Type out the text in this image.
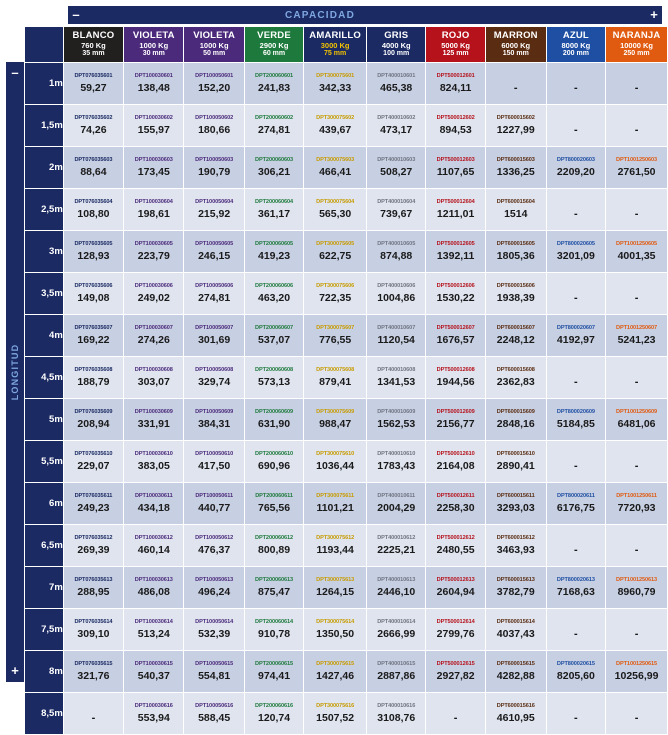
–	CAPACIDAD	+
–
LONGITUD
+

	BLANCO
760 Kg
35 mm	VIOLETA
1000 Kg
30 mm	VIOLETA
1000 Kg
50 mm	VERDE
2900 Kg
60 mm	AMARILLO
3000 Kg
75 mm	GRIS
4000 Kg
100 mm	ROJO
5000 Kg
125 mm	MARRON
6000 Kg
150 mm	AZUL
8000 Kg
200 mm	NARANJA
10000 Kg
250 mm

1m	DPT076035601
59,27	DPT100030601
138,48	DPT100050601
152,20	DPT200060601
241,83	DPT300075601
342,33	DPT400010601
465,38	DPT500012601
824,11	-	-	-

1,5m	DPT076035602
74,26	DPT100030602
155,97	DPT100050602
180,66	DPT200060602
274,81	DPT300075602
439,67	DPT400010602
473,17	DPT500012602
894,53	DPT600015602
1227,99	-	-

2m	DPT076035603
88,64	DPT100030603
173,45	DPT100050603
190,79	DPT200060603
306,21	DPT300075603
466,41	DPT400010603
508,27	DPT500012603
1107,65	DPT600015603
1336,25	DPT800020603
2209,20	DPT1001250603
2761,50

2,5m	DPT076035604
108,80	DPT100030604
198,61	DPT100050604
215,92	DPT200060604
361,17	DPT300075604
565,30	DPT400010604
739,67	DPT500012604
1211,01	DPT600015604
1514	-	-

3m	DPT076035605
128,93	DPT100030605
223,79	DPT100050605
246,15	DPT200060605
419,23	DPT300075605
622,75	DPT400010605
874,88	DPT500012605
1392,11	DPT600015605
1805,36	DPT800020605
3201,09	DPT1001250605
4001,35

3,5m	DPT076035606
149,08	DPT100030606
249,02	DPT100050606
274,81	DPT200060606
463,20	DPT300075606
722,35	DPT400010606
1004,86	DPT500012606
1530,22	DPT600015606
1938,39	-	-

4m	DPT076035607
169,22	DPT100030607
274,26	DPT100050607
301,69	DPT200060607
537,07	DPT300075607
776,55	DPT400010607
1120,54	DPT500012607
1676,57	DPT600015607
2248,12	DPT800020607
4192,97	DPT1001250607
5241,23

4,5m	DPT076035608
188,79	DPT100030608
303,07	DPT100050608
329,74	DPT200060608
573,13	DPT300075608
879,41	DPT400010608
1341,53	DPT500012608
1944,56	DPT600015608
2362,83	-	-

5m	DPT076035609
208,94	DPT100030609
331,91	DPT100050609
384,31	DPT200060609
631,90	DPT300075609
988,47	DPT400010609
1562,53	DPT500012609
2156,77	DPT600015609
2848,16	DPT800020609
5184,85	DPT1001250609
6481,06

5,5m	DPT076035610
229,07	DPT100030610
383,05	DPT100050610
417,50	DPT200060610
690,96	DPT300075610
1036,44	DPT400010610
1783,43	DPT500012610
2164,08	DPT600015610
2890,41	-	-

6m	DPT076035611
249,23	DPT100030611
434,18	DPT100050611
440,77	DPT200060611
765,56	DPT300075611
1101,21	DPT400010611
2004,29	DPT500012611
2258,30	DPT600015611
3293,03	DPT800020611
6176,75	DPT1001250611
7720,93

6,5m	DPT076035612
269,39	DPT100030612
460,14	DPT100050612
476,37	DPT200060612
800,89	DPT300075612
1193,44	DPT400010612
2225,21	DPT500012612
2480,55	DPT600015612
3463,93	-	-

7m	DPT076035613
288,95	DPT100030613
486,08	DPT100050613
496,24	DPT200060613
875,47	DPT300075613
1264,15	DPT400010613
2446,10	DPT500012613
2604,94	DPT600015613
3782,79	DPT800020613
7168,63	DPT1001250613
8960,79

7,5m	DPT076035614
309,10	DPT100030614
513,24	DPT100050614
532,39	DPT200060614
910,78	DPT300075614
1350,50	DPT400010614
2666,99	DPT500012614
2799,76	DPT600015614
4037,43	-	-

8m	DPT076035615
321,76	DPT100030615
540,37	DPT100050615
554,81	DPT200060615
974,41	DPT300075615
1427,46	DPT400010615
2887,86	DPT500012615
2927,82	DPT600015615
4282,88	DPT800020615
8205,60	DPT1001250615
10256,99

8,5m	-	DPT100030616
553,94	DPT100050616
588,45	DPT200060616
120,74	DPT300075616
1507,52	DPT400010616
3108,76	-	DPT600015616
4610,95	-	-
